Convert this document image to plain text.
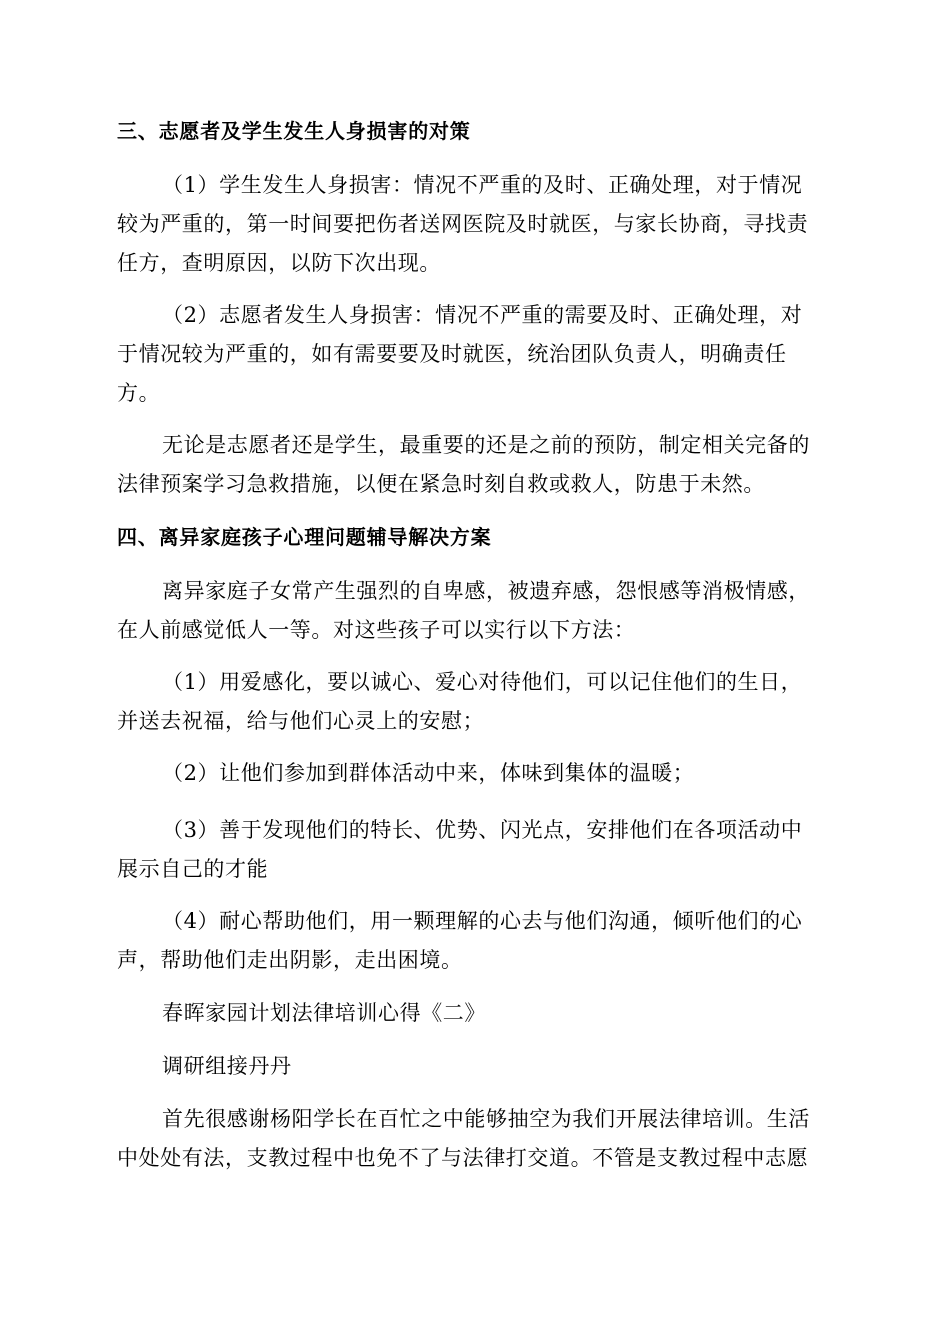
三、志愿者及学生发生人身损害的对策
（1）学生发生人身损害：情况不严重的及时、正确处理，对于情况
较为严重的，第一时间要把伤者送网医院及时就医，与家长协商，寻找责
任方，查明原因，以防下次出现。
（2）志愿者发生人身损害：情况不严重的需要及时、正确处理，对
于情况较为严重的，如有需要要及时就医，统治团队负责人，明确责任
方。
无论是志愿者还是学生，最重要的还是之前的预防，制定相关完备的
法律预案学习急救措施，以便在紧急时刻自救或救人，防患于未然。
四、离异家庭孩子心理问题辅导解决方案
离异家庭子女常产生强烈的自卑感，被遗弃感，怨恨感等消极情感，
在人前感觉低人一等。对这些孩子可以实行以下方法：
（1）用爱感化，要以诚心、爱心对待他们，可以记住他们的生日，
并送去祝福，给与他们心灵上的安慰；
（2）让他们参加到群体活动中来，体味到集体的温暖；
（3）善于发现他们的特长、优势、闪光点，安排他们在各项活动中
展示自己的才能
（4）耐心帮助他们，用一颗理解的心去与他们沟通，倾听他们的心
声，帮助他们走出阴影，走出困境。
春晖家园计划法律培训心得《二》
调研组接丹丹
首先很感谢杨阳学长在百忙之中能够抽空为我们开展法律培训。生活
中处处有法，支教过程中也免不了与法律打交道。不管是支教过程中志愿
